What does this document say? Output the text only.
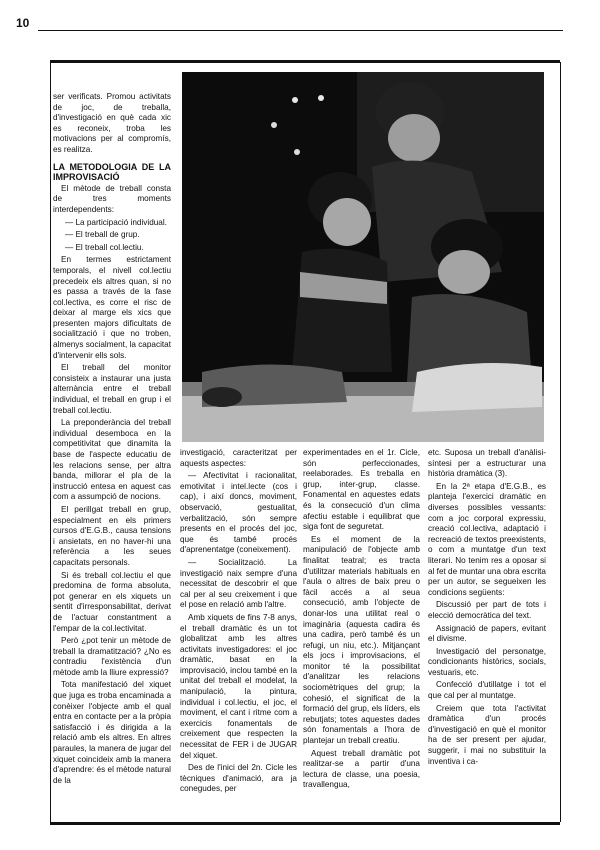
10

ser verificats. Promou activitats de joc, de treballa, d'investigació en què cada xic es reconeix, troba les motivacions per al compromís, es realitza.

LA METODOLOGIA DE LA IMPROVISACIÓ

El mètode de treball consta de tres moments interdependents:

— La participació individual.

— El treball de grup.

— El treball col.lectiu.

En termes estrictament temporals, el nivell col.lectiu precedeix els altres quan, si no es passa a través de la fase col.lectiva, es corre el risc de deixar al marge els xics que presenten majors dificultats de socialització i que no troben, almenys socialment, la capacitat d'intervenir ells sols.

El treball del monitor consisteix a instaurar una justa alternància entre el treball individual, el treball en grup i el treball col.lectiu.

La preponderància del treball individual desemboca en la competitivitat que dinamita la base de l'aspecte educatiu de les relacions sense, per altra banda, millorar el pla de la instrucció entesa en aquest cas com a assumpció de nocions.

El perillgat treball en grup, especialment en els primers cursos d'E.G.B., causa tensions i ansietats, en no haver-hi una referència a les seues capacitats personals.

Si és treball col.lectiu el que predomina de forma absoluta, pot generar en els xiquets un sentit d'irresponsabilitat, derivat de l'actuar constantment a l'empar de la col.lectivitat.

Però ¿pot tenir un mètode de treball la dramatització? ¿No es contradiu l'existència d'un mètode amb la lliure expressió?

Tota manifestació del xiquet que juga es troba encaminada a conèixer l'objecte amb el qual entra en contacte per a la pròpia satisfacció i és dirigida a la relació amb els altres. En altres paraules, la manera de jugar del xiquet coincideix amb la manera d'aprendre: és el mètode natural de la

investigació, caracteritzat per aquests aspectes:

— Afectivitat i racionalitat, emotivitat i intel.lecte (cos i cap), i així doncs, moviment, observació, gestualitat, verbalització, són sempre presents en el procés del joc, que és també procés d'aprenentatge (coneixement).

— Socialització. La investigació naix sempre d'una necessitat de descobrir el que cal per al seu creixement i que el pose en relació amb l'altre.

Amb xiquets de fins 7-8 anys, el treball dramàtic és un tot globalitzat amb les altres activitats investigadores: el joc dramàtic, basat en la improvisació, inclou també en la unitat del treball el modelat, la manipulació, la pintura, individual i col.lectiu, el joc, el moviment, el cant i ritme com a exercicis fonamentals de creixement que respecten la necessitat de FER i de JUGAR del xiquet.

Des de l'inici del 2n. Cicle les tècniques d'animació, ara ja conegudes, per

experimentades en el 1r. Cicle, són perfeccionades, reelaborades. Es treballa en grup, inter-grup, classe. Fonamental en aquestes edats és la consecució d'un clima afectiu estable i equilibrat que siga font de seguretat.

Es el moment de la manipulació de l'objecte amb finalitat teatral; es tracta d'utilitzar materials habituals en l'aula o altres de baix preu o fàcil accés a al seua consecució, amb l'objecte de donar-los una utilitat real o imaginària (aquesta cadira és una cadira, però també és un refugi, un niu, etc.). Mitjançant els jocs i improvisacions, el monitor té la possibilitat d'analitzar les relacions sociomètriques del grup; la cohesió, el significat de la formació del grup, els líders, els rebutjats; totes aquestes dades són fonamentals a l'hora de plantejar un treball creatiu.

Aquest treball dramàtic pot realitzar-se a partir d'una lectura de classe, una poesia, travallengua,

etc. Suposa un treball d'anàlisi-síntesi per a estructurar una història dramàtica (3).

En la 2ª etapa d'E.G.B., es planteja l'exercici dramàtic en diverses possibles vessants: com a joc corporal expressiu, creació col.lectiva, adaptació i recreació de textos preexistents, o com a muntatge d'un text literari. No tenim res a oposar si al fet de muntar una obra escrita per un autor, se segueixen les condicions següents:

Discussió per part de tots i elecció democràtica del text.

Assignació de papers, evitant el divisme.

Investigació del personatge, condicionants històrics, socials, vestuaris, etc.

Confecció d'utillatge i tot el que cal per al muntatge.

Creiem que tota l'activitat dramàtica d'un procés d'investigació en què el monitor ha de ser present per ajudar, suggerir, i mai no substituir la inventiva i ca-
